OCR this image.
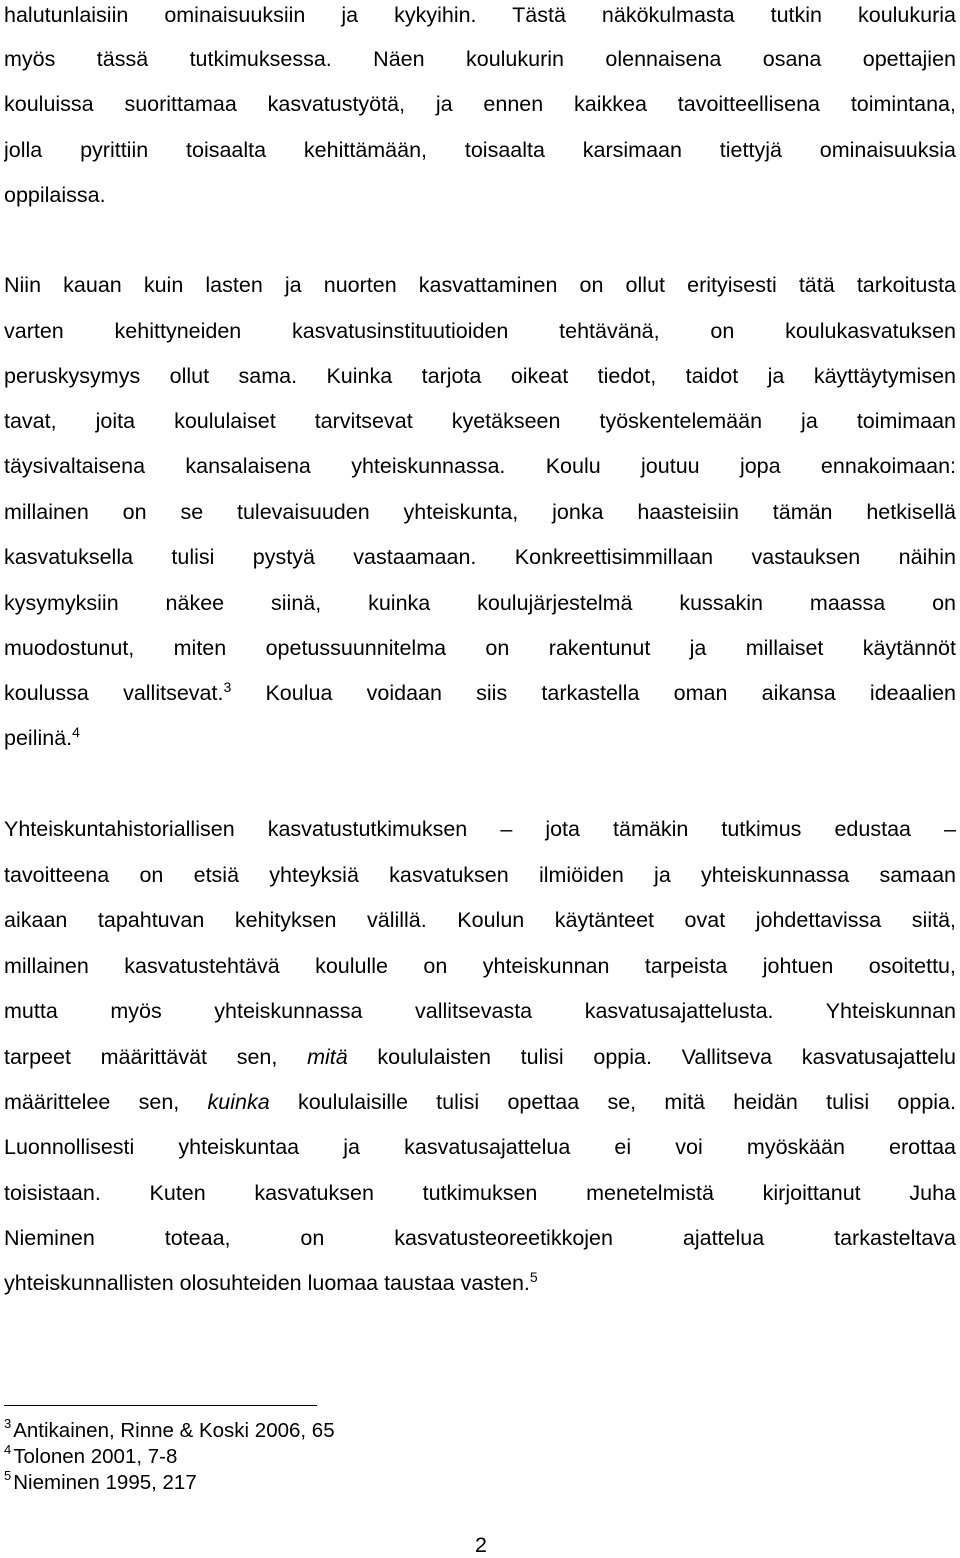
halutunlaisiin ominaisuuksiin ja kykyihin. Tästä näkökulmasta tutkin koulukuria
myös tässä tutkimuksessa. Näen koulukurin olennaisena osana opettajien
kouluissa suorittamaa kasvatustyötä, ja ennen kaikkea tavoitteellisena toimintana,
jolla pyrittiin toisaalta kehittämään, toisaalta karsimaan tiettyjä ominaisuuksia
oppilaissa.
Niin kauan kuin lasten ja nuorten kasvattaminen on ollut erityisesti tätä tarkoitusta
varten kehittyneiden kasvatusinstituutioiden tehtävänä, on koulukasvatuksen
peruskysymys ollut sama. Kuinka tarjota oikeat tiedot, taidot ja käyttäytymisen
tavat, joita koululaiset tarvitsevat kyetäkseen työskentelemään ja toimimaan
täysivaltaisena kansalaisena yhteiskunnassa. Koulu joutuu jopa ennakoimaan:
millainen on se tulevaisuuden yhteiskunta, jonka haasteisiin tämän hetkisellä
kasvatuksella tulisi pystyä vastaamaan. Konkreettisimmillaan vastauksen näihin
kysymyksiin näkee siinä, kuinka koulujärjestelmä kussakin maassa on
muodostunut, miten opetussuunnitelma on rakentunut ja millaiset käytännöt
koulussa vallitsevat.$^3$ Koulua voidaan siis tarkastella oman aikansa ideaalien
peilinä.$^4$
Yhteiskuntahistoriallisen kasvatustutkimuksen – jota tämäkin tutkimus edustaa –
tavoitteena on etsiä yhteyksiä kasvatuksen ilmiöiden ja yhteiskunnassa samaan
aikaan tapahtuvan kehityksen välillä. Koulun käytänteet ovat johdettavissa siitä,
millainen kasvatustehtävä koululle on yhteiskunnan tarpeista johtuen osoitettu,
mutta myös yhteiskunnassa vallitsevasta kasvatusajattelusta. Yhteiskunnan
tarpeet määrittävät sen, mitä koululaisten tulisi oppia. Vallitseva kasvatusajattelu
määrittelee sen, kuinka koululaisille tulisi opettaa se, mitä heidän tulisi oppia.
Luonnollisesti yhteiskuntaa ja kasvatusajattelua ei voi myöskään erottaa
toisistaan. Kuten kasvatuksen tutkimuksen menetelmistä kirjoittanut Juha
Nieminen toteaa, on kasvatusteoreetikkojen ajattelua tarkasteltava
yhteiskunnallisten olosuhteiden luomaa taustaa vasten.$^5$
$^3$Antikainen, Rinne & Koski 2006, 65
$^4$Tolonen 2001, 7-8
$^5$Nieminen 1995, 217
2
